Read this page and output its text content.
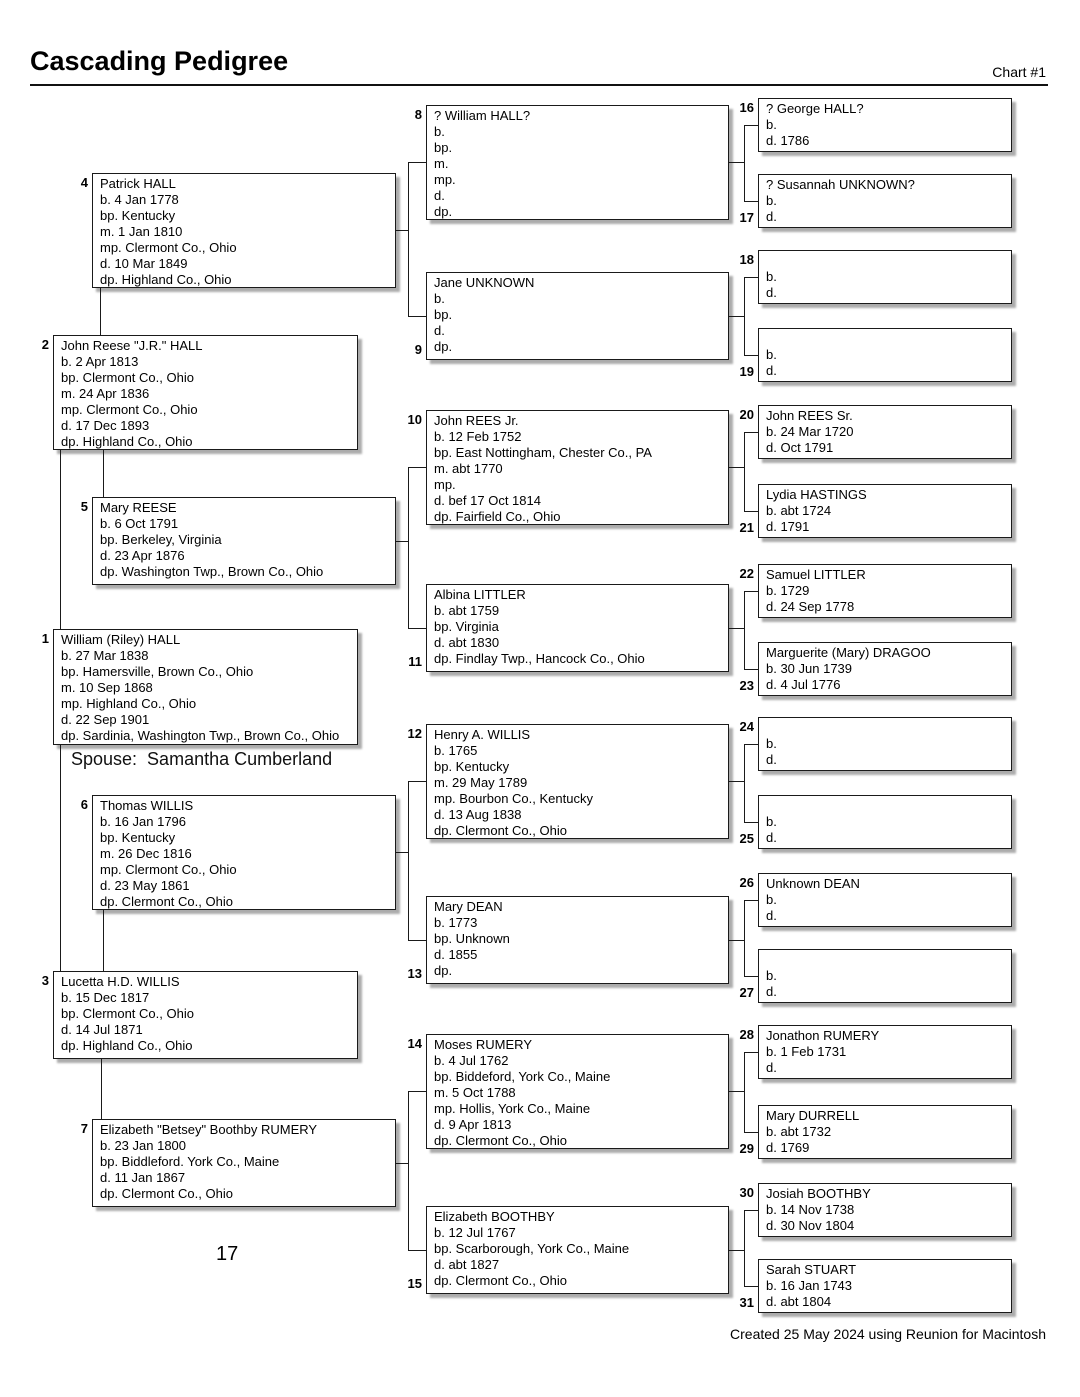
Cascading Pedigree	Chart #1
1 William (Riley) HALL
b. 27 Mar 1838
bp. Hamersville, Brown Co., Ohio
m. 10 Sep 1868
mp. Highland Co., Ohio
d. 22 Sep 1901
dp. Sardinia, Washington Twp., Brown Co., Ohio
2 John Reese "J.R." HALL
b. 2 Apr 1813
bp. Clermont Co., Ohio
m. 24 Apr 1836
mp. Clermont Co., Ohio
d. 17 Dec 1893
dp. Highland Co., Ohio
3 Lucetta H.D. WILLIS
b. 15 Dec 1817
bp. Clermont Co., Ohio
d. 14 Jul 1871
dp. Highland Co., Ohio
4 Patrick HALL
b. 4 Jan 1778
bp. Kentucky
m. 1 Jan 1810
mp. Clermont Co., Ohio
d. 10 Mar 1849
dp. Highland Co., Ohio
5 Mary REESE
b. 6 Oct 1791
bp. Berkeley, Virginia
d. 23 Apr 1876
dp. Washington Twp., Brown Co., Ohio
6 Thomas WILLIS
b. 16 Jan 1796
bp. Kentucky
m. 26 Dec 1816
mp. Clermont Co., Ohio
d. 23 May 1861
dp. Clermont Co., Ohio
7 Elizabeth "Betsey" Boothby RUMERY
b. 23 Jan 1800
bp. Biddleford. York Co., Maine
d. 11 Jan 1867
dp. Clermont Co., Ohio
8 ? William HALL?
b.
bp.
m.
mp.
d.
dp.
9
Jane UNKNOWN
b.
bp.
d.
dp.
10 John REES Jr.
b. 12 Feb 1752
bp. East Nottingham, Chester Co., PA
m. abt 1770
mp.
d. bef 17 Oct 1814
dp. Fairfield Co., Ohio
11
Albina LITTLER
b. abt 1759
bp. Virginia
d. abt 1830
dp. Findlay Twp., Hancock Co., Ohio
12 Henry A. WILLIS
b. 1765
bp. Kentucky
m. 29 May 1789
mp. Bourbon Co., Kentucky
d. 13 Aug 1838
dp. Clermont Co., Ohio
13
Mary DEAN
b. 1773
bp. Unknown
d. 1855
dp.
14 Moses RUMERY
b. 4 Jul 1762
bp. Biddeford, York Co., Maine
m. 5 Oct 1788
mp. Hollis, York Co., Maine
d. 9 Apr 1813
dp. Clermont Co., Ohio
15
Elizabeth BOOTHBY
b. 12 Jul 1767
bp. Scarborough, York Co., Maine
d. abt 1827
dp. Clermont Co., Ohio
16 ? George HALL?
b.
d. 1786
17
? Susannah UNKNOWN?
b.
d.
18
b.
d.
19
b.
d.
20 John REES Sr.
b. 24 Mar 1720
d. Oct 1791
21
Lydia HASTINGS
b. abt 1724
d. 1791
22 Samuel LITTLER
b. 1729
d. 24 Sep 1778
23
Marguerite (Mary) DRAGOO
b. 30 Jun 1739
d. 4 Jul 1776
24
b.
d.
25
b.
d.
26 Unknown DEAN
b.
d.
27
b.
d.
28 Jonathon RUMERY
b. 1 Feb 1731
d.
29
Mary DURRELL
b. abt 1732
d. 1769
30 Josiah BOOTHBY
b. 14 Nov 1738
d. 30 Nov 1804
31
Sarah STUART
b. 16 Jan 1743
d. abt 1804
Spouse:  Samantha Cumberland
17
Created 25 May 2024 using Reunion for Macintosh
